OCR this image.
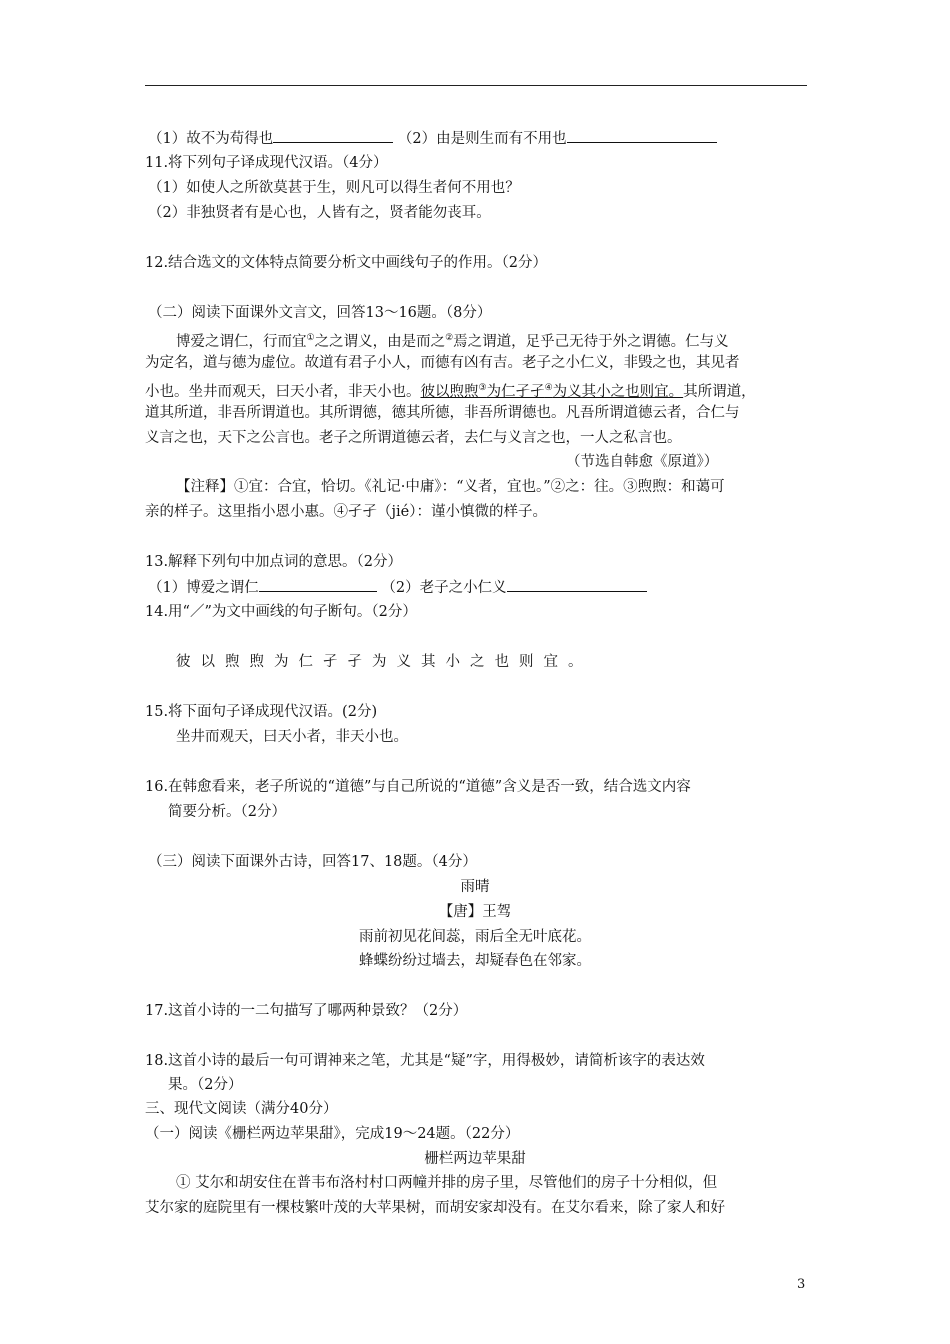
（1）故不为苟得也	（2）由是则生而有不用也
11.将下列句子译成现代汉语。（4分）
（1）如使人之所欲莫甚于生，则凡可以得生者何不用也？
（2）非独贤者有是心也，人皆有之，贤者能勿丧耳。
12.结合选文的文体特点简要分析文中画线句子的作用。（2分）
（二）阅读下面课外文言文，回答13～16题。（8分）
博爱之谓仁，行而宜①之之谓义，由是而之②焉之谓道，足乎己无待于外之谓德。仁与义
为定名，道与德为虚位。故道有君子小人，而德有凶有吉。老子之小仁义，非毁之也，其见者
小也。坐井而观天，曰天小者，非天小也。彼以煦煦③为仁孑孑④为义其小之也则宜。其所谓道，
道其所道，非吾所谓道也。其所谓德，德其所德，非吾所谓德也。凡吾所谓道德云者，合仁与
义言之也，天下之公言也。老子之所谓道德云者，去仁与义言之也，一人之私言也。
（节选自韩愈《原道》）
【注释】①宜：合宜，恰切。《礼记·中庸》：“义者，宜也。”②之：往。③煦煦：和蔼可
亲的样子。这里指小恩小惠。④孑孑（jié）：谨小慎微的样子。
13.解释下列句中加点词的意思。（2分）
（1）博爱之谓仁	（2）老子之小仁义
14.用“／”为文中画线的句子断句。（2分）
彼以煦煦为仁孑孑为义其小之也则宜。
15.将下面句子译成现代汉语。(2分)
坐井而观天，曰天小者，非天小也。
16.在韩愈看来，老子所说的“道德”与自己所说的“道德”含义是否一致，结合选文内容
简要分析。（2分）
（三）阅读下面课外古诗，回答17、18题。（4分）
雨晴
【唐】王驾
雨前初见花间蕊，雨后全无叶底花。
蜂蝶纷纷过墙去，却疑春色在邻家。
17.这首小诗的一二句描写了哪两种景致？（2分）
18.这首小诗的最后一句可谓神来之笔，尤其是“疑”字，用得极妙，请简析该字的表达效
果。（2分）
三、现代文阅读（满分40分）
（一）阅读《栅栏两边苹果甜》，完成19～24题。（22分）
栅栏两边苹果甜
① 艾尔和胡安住在普韦布洛村村口两幢并排的房子里，尽管他们的房子十分相似，但
艾尔家的庭院里有一棵枝繁叶茂的大苹果树，而胡安家却没有。在艾尔看来，除了家人和好
3
